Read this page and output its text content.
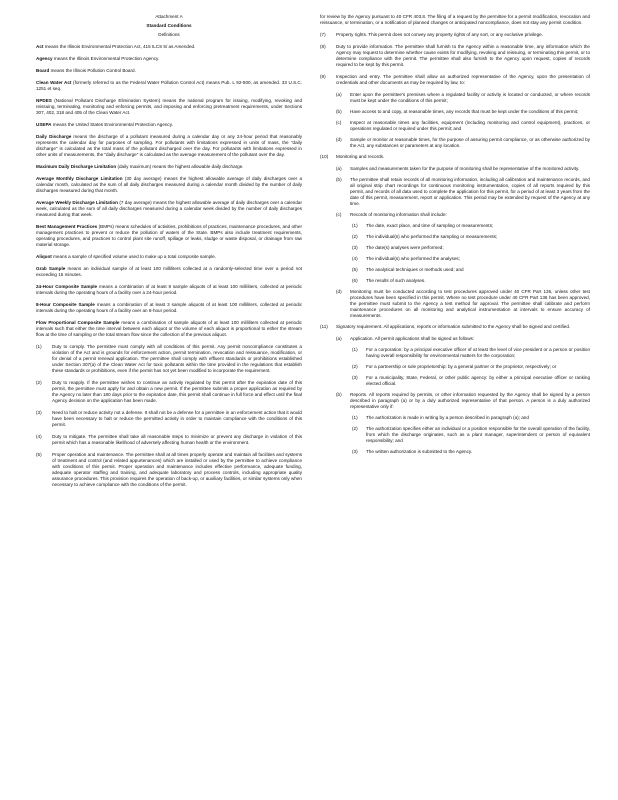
Attachment A
Standard Conditions
Definitions

Act means the Illinois Environmental Protection Act, 415 ILCS 5/ as Amended.

Agency means the Illinois Environmental Protection Agency.

Board means the Illinois Pollution Control Board.

Clean Water Act (formerly referred to as the Federal Water Pollution Control Act) means Pub. L 92-500, as amended. 33 U.S.C. 1251 et seq.

NPDES (National Pollutant Discharge Elimination System) means the national program for issuing, modifying, revoking and reissuing, terminating, monitoring and enforcing permits, and imposing and enforcing pretreatment requirements, under Sections 307, 402, 318 and 405 of the Clean Water Act.

USEPA means the United States Environmental Protection Agency.

Daily Discharge means the discharge of a pollutant measured during a calendar day or any 24-hour period that reasonably represents the calendar day for purposes of sampling. For pollutants with limitations expressed in units of mass, the "daily discharge" is calculated as the total mass of the pollutant discharged over the day. For pollutants with limitations expressed in other units of measurements, the "daily discharge" is calculated as the average measurement of the pollutant over the day.

Maximum Daily Discharge Limitation (daily maximum) means the highest allowable daily discharge.

Average Monthly Discharge Limitation (30 day average) means the highest allowable average of daily discharges over a calendar month, calculated as the sum of all daily discharges measured during a calendar month divided by the number of daily discharges measured during that month.

Average Weekly Discharge Limitation (7 day average) means the highest allowable average of daily discharges over a calendar week, calculated as the sum of all daily discharges measured during a calendar week divided by the number of daily discharges measured during that week.

Best Management Practices (BMPs) means schedules of activities, prohibitions of practices, maintenance procedures, and other management practices to prevent or reduce the pollution of waters of the State. BMPs also include treatment requirements, operating procedures, and practices to control plant site runoff, spillage or leaks, sludge or waste disposal, or drainage from raw material storage.

Aliquot means a sample of specified volume used to make up a total composite sample.

Grab Sample means an individual sample of at least 100 milliliters collected at a randomly-selected time over a period not exceeding 15 minutes.

24-Hour Composite Sample means a combination of at least 8 sample aliquots of at least 100 milliliters, collected at periodic intervals during the operating hours of a facility over a 24-hour period.

8-Hour Composite Sample means a combination of at least 3 sample aliquots of at least 100 milliliters, collected at periodic intervals during the operating hours of a facility over an 8-hour period.

Flow Proportional Composite Sample means a combination of sample aliquots of at least 100 milliliters collected at periodic intervals such that either the time interval between each aliquot or the volume of each aliquot is proportional to either the stream flow at the time of sampling or the total stream flow since the collection of the previous aliquot.

(1)	Duty to comply. The permittee must comply with all conditions of this permit. Any permit noncompliance constitutes a violation of the Act and is grounds for enforcement action, permit termination, revocation and reissuance, modification, or for denial of a permit renewal application. The permittee shall comply with effluent standards or prohibitions established under Section 307(a) of the Clean Water Act for toxic pollutants within the time provided in the regulations that establish these standards or prohibitions, even if the permit has not yet been modified to incorporate the requirement.
(2)	Duty to reapply. If the permittee wishes to continue an activity regulated by this permit after the expiration date of this permit, the permittee must apply for and obtain a new permit. If the permittee submits a proper application as required by the Agency no later than 180 days prior to the expiration date, this permit shall continue in full force and effect until the final Agency decision on the application has been made.
(3)	Need to halt or reduce activity not a defense. It shall not be a defense for a permittee in an enforcement action that it would have been necessary to halt or reduce the permitted activity in order to maintain compliance with the conditions of this permit.
(4)	Duty to mitigate. The permittee shall take all reasonable steps to minimize or prevent any discharge in violation of this permit which has a reasonable likelihood of adversely affecting human health or the environment.
(5)	Proper operation and maintenance. The permittee shall at all times properly operate and maintain all facilities and systems of treatment and control (and related appurtenances) which are installed or used by the permittee to achieve compliance with conditions of this permit. Proper operation and maintenance includes effective performance, adequate funding, adequate operator staffing and training, and adequate laboratory and process controls, including appropriate quality assurance procedures. This provision requires the operation of back-up, or auxiliary facilities, or similar systems only when necessary to achieve compliance with the conditions of the permit.

for review by the Agency pursuant to 40 CFR 403.8. The filing of a request by the permittee for a permit modification, revocation and reissuance, or termination, or a notification of planned changes or anticipated noncompliance, does not stay any permit condition.

(7)	Property rights. This permit does not convey any property rights of any sort, or any exclusive privilege.
(8)	Duty to provide information. The permittee shall furnish to the Agency within a reasonable time, any information which the Agency may request to determine whether cause exists for modifying, revoking and reissuing, or terminating this permit, or to determine compliance with the permit. The permittee shall also furnish to the Agency upon request, copies of records required to be kept by this permit.
(9)	Inspection and entry. The permittee shall allow an authorized representative of the Agency, upon the presentation of credentials and other documents as may be required by law, to:
(a)	Enter upon the permittee's premises where a regulated facility or activity is located or conducted, or where records must be kept under the conditions of this permit;
(b)	Have access to and copy, at reasonable times, any records that must be kept under the conditions of this permit;
(c)	Inspect at reasonable times any facilities, equipment (including monitoring and control equipment), practices, or operations regulated or required under this permit; and
(d)	Sample or monitor at reasonable times, for the purpose of assuring permit compliance, or as otherwise authorized by the Act, any substances or parameters at any location.
(10)	Monitoring and records.
(a)	Samples and measurements taken for the purpose of monitoring shall be representative of the monitored activity.
(b)	The permittee shall retain records of all monitoring information, including all calibration and maintenance records, and all original strip chart recordings for continuous monitoring instrumentation, copies of all reports required by this permit, and records of all data used to complete the application for this permit, for a period of at least 3 years from the date of this permit, measurement, report or application. This period may be extended by request of the Agency at any time.
(c)	Records of monitoring information shall include:
(1)	The date, exact place, and time of sampling or measurements;
(2)	The individual(s) who performed the sampling or measurements;
(3)	The date(s) analyses were performed;
(4)	The individual(s) who performed the analyses;
(5)	The analytical techniques or methods used; and
(6)	The results of such analyses.
(d)	Monitoring must be conducted according to test procedures approved under 40 CFR Part 136, unless other test procedures have been specified in this permit. Where no test procedure under 40 CFR Part 136 has been approved, the permittee must submit to the Agency a test method for approval. The permittee shall calibrate and perform maintenance procedures on all monitoring and analytical instrumentation at intervals to ensure accuracy of measurements.
(11)	Signatory requirement. All applications, reports or information submitted to the Agency shall be signed and certified.
(a)	Application. All permit applications shall be signed as follows:
(1)	For a corporation: by a principal executive officer of at least the level of vice president or a person or position having overall responsibility for environmental matters for the corporation;
(2)	For a partnership or sole proprietorship: by a general partner or the proprietor, respectively; or
(3)	For a municipality, State, Federal, or other public agency: by either a principal executive officer or ranking elected official.
(b)	Reports. All reports required by permits, or other information requested by the Agency shall be signed by a person described in paragraph (a) or by a duly authorized representative of that person. A person is a duly authorized representative only if:
(1)	The authorization is made in writing by a person described in paragraph (a); and
(2)	The authorization specifies either an individual or a position responsible for the overall operation of the facility, from which the discharge originates, such as a plant manager, superintendent or person of equivalent responsibility; and
(3)	The written authorization is submitted to the Agency.
